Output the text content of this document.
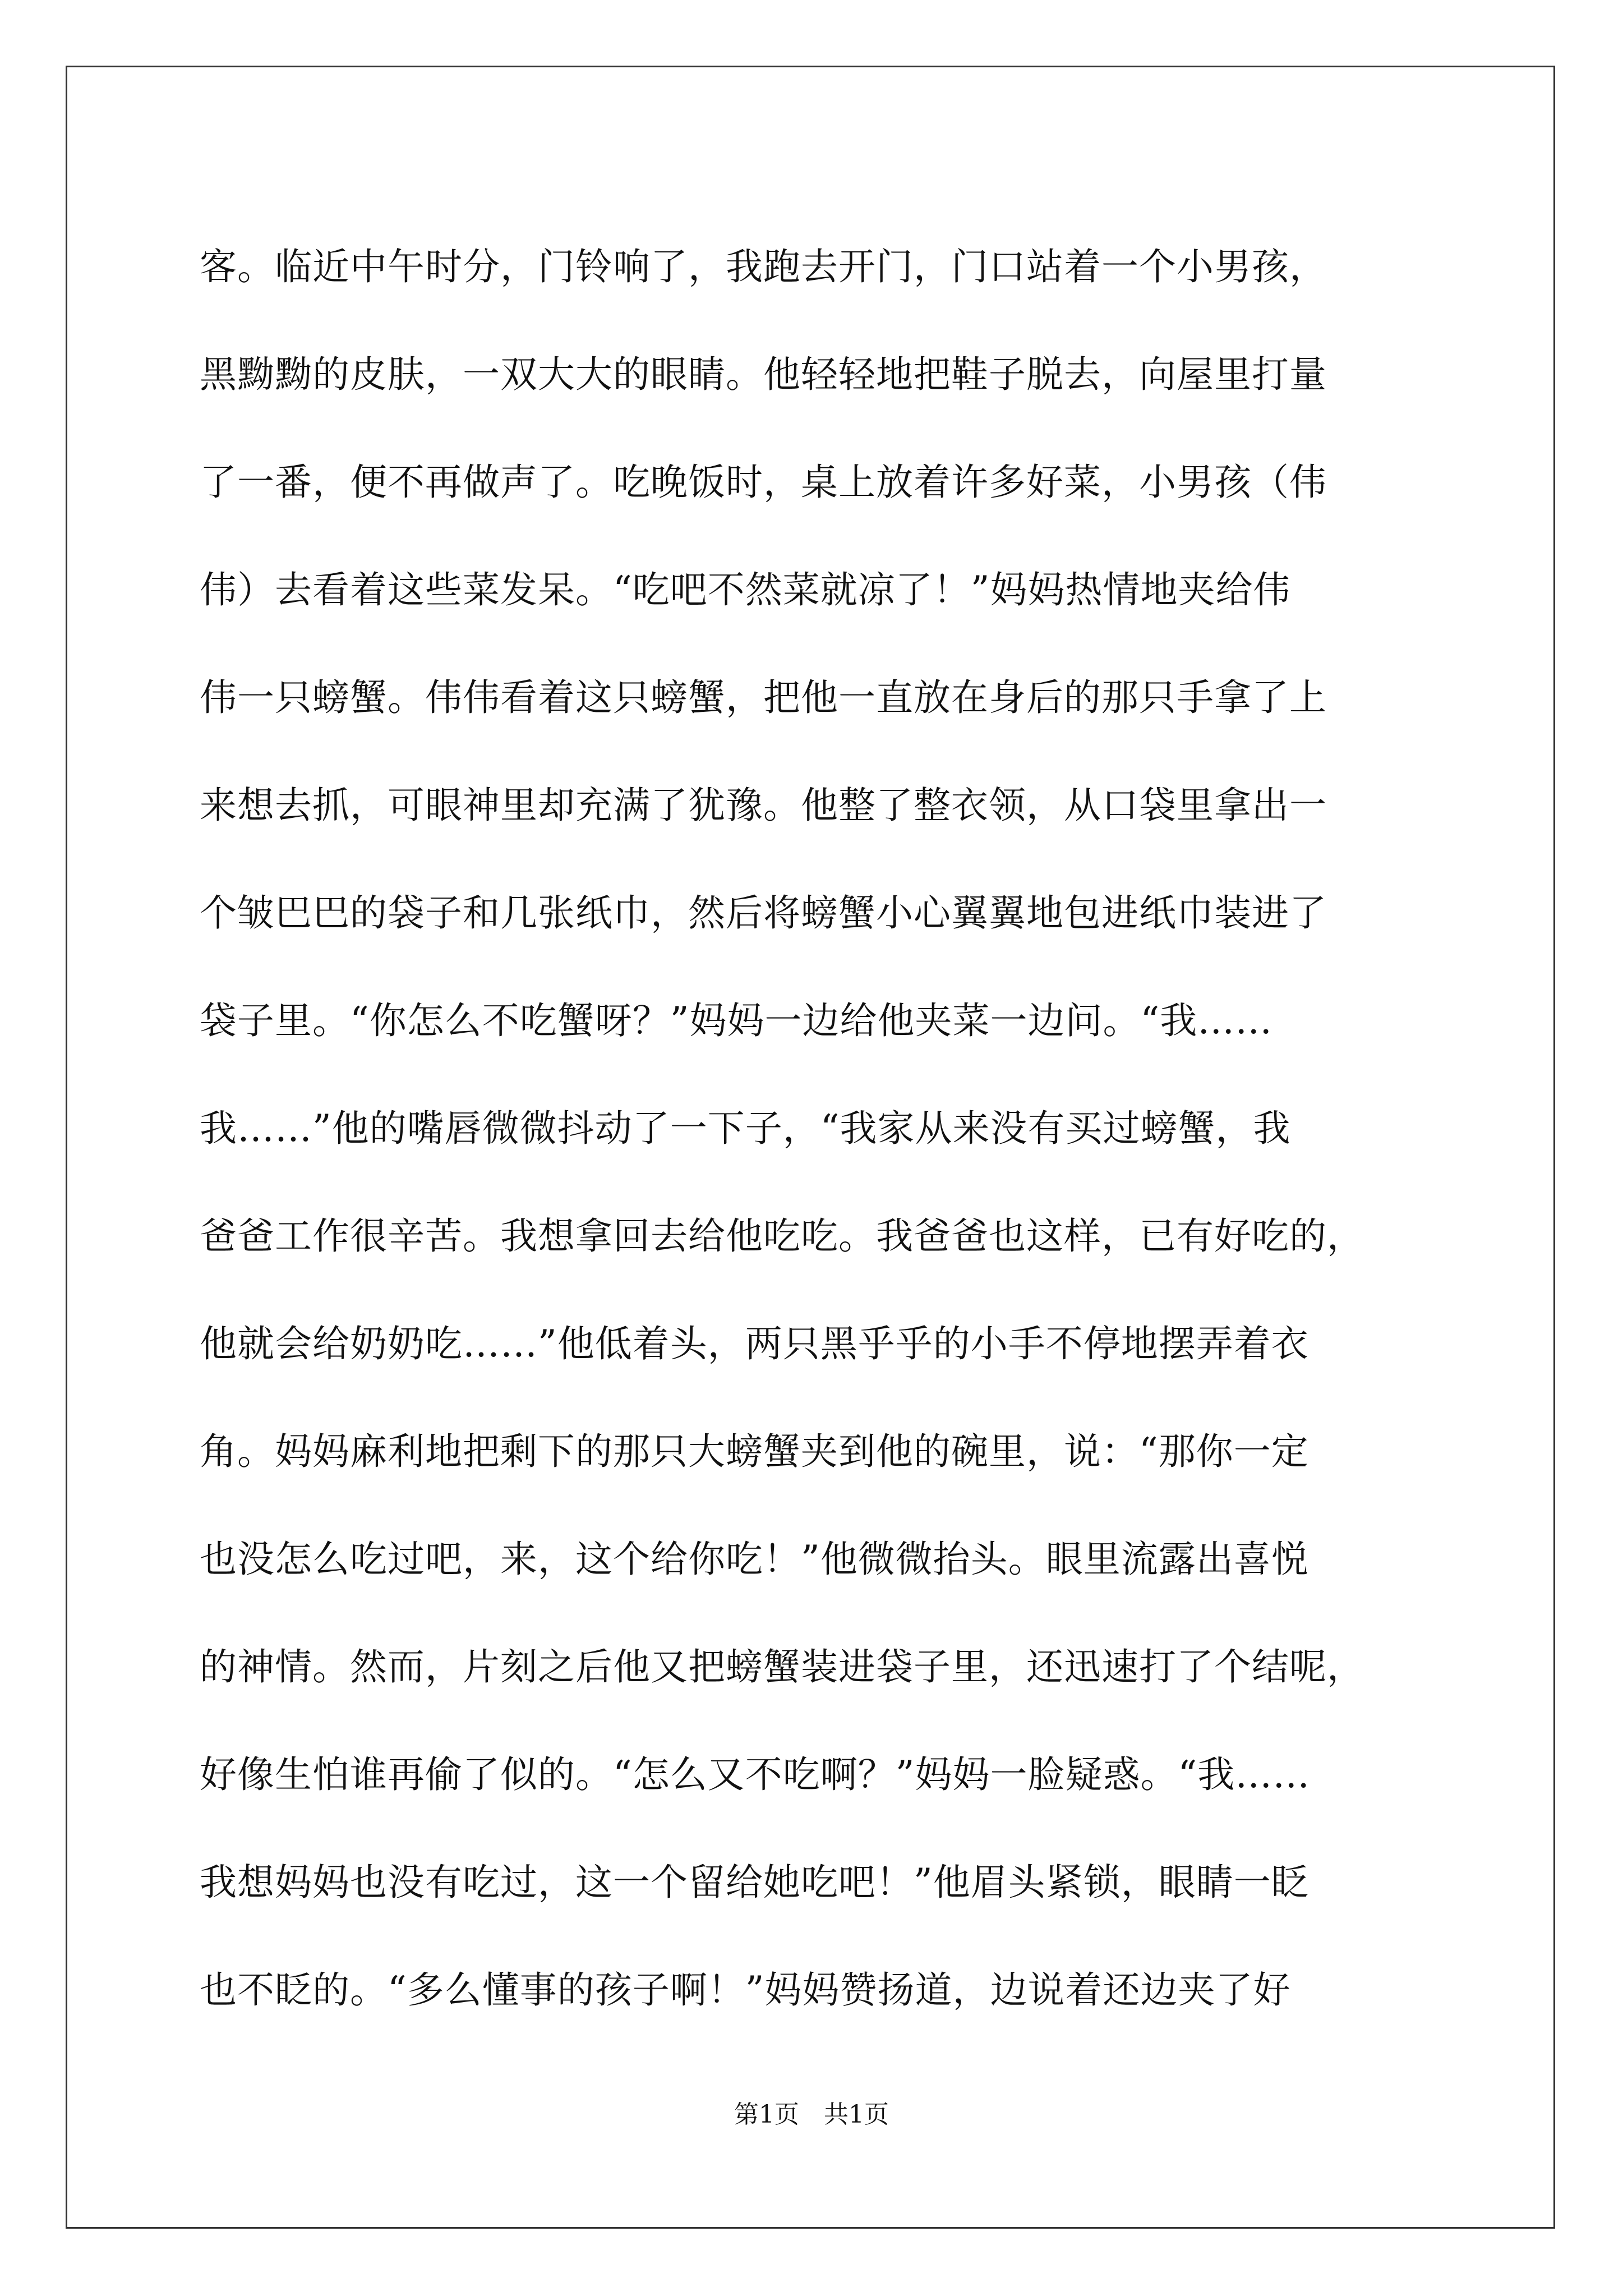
客。临近中午时分，门铃响了，我跑去开门，门口站着一个小男孩，
黑黝黝的皮肤，一双大大的眼睛。他轻轻地把鞋子脱去，向屋里打量
了一番，便不再做声了。吃晚饭时，桌上放着许多好菜，小男孩（伟
伟）去看着这些菜发呆。“吃吧不然菜就凉了！”妈妈热情地夹给伟
伟一只螃蟹。伟伟看着这只螃蟹，把他一直放在身后的那只手拿了上
来想去抓，可眼神里却充满了犹豫。他整了整衣领，从口袋里拿出一
个皱巴巴的袋子和几张纸巾，然后将螃蟹小心翼翼地包进纸巾装进了
袋子里。“你怎么不吃蟹呀？”妈妈一边给他夹菜一边问。“我……
我……”他的嘴唇微微抖动了一下子，“我家从来没有买过螃蟹，我
爸爸工作很辛苦。我想拿回去给他吃吃。我爸爸也这样，已有好吃的，
他就会给奶奶吃……”他低着头，两只黑乎乎的小手不停地摆弄着衣
角。妈妈麻利地把剩下的那只大螃蟹夹到他的碗里，说：“那你一定
也没怎么吃过吧，来，这个给你吃！”他微微抬头。眼里流露出喜悦
的神情。然而，片刻之后他又把螃蟹装进袋子里，还迅速打了个结呢，
好像生怕谁再偷了似的。“怎么又不吃啊？”妈妈一脸疑惑。“我……
我想妈妈也没有吃过，这一个留给她吃吧！”他眉头紧锁，眼睛一眨
也不眨的。“多么懂事的孩子啊！”妈妈赞扬道，边说着还边夹了好
第1页　共1页
